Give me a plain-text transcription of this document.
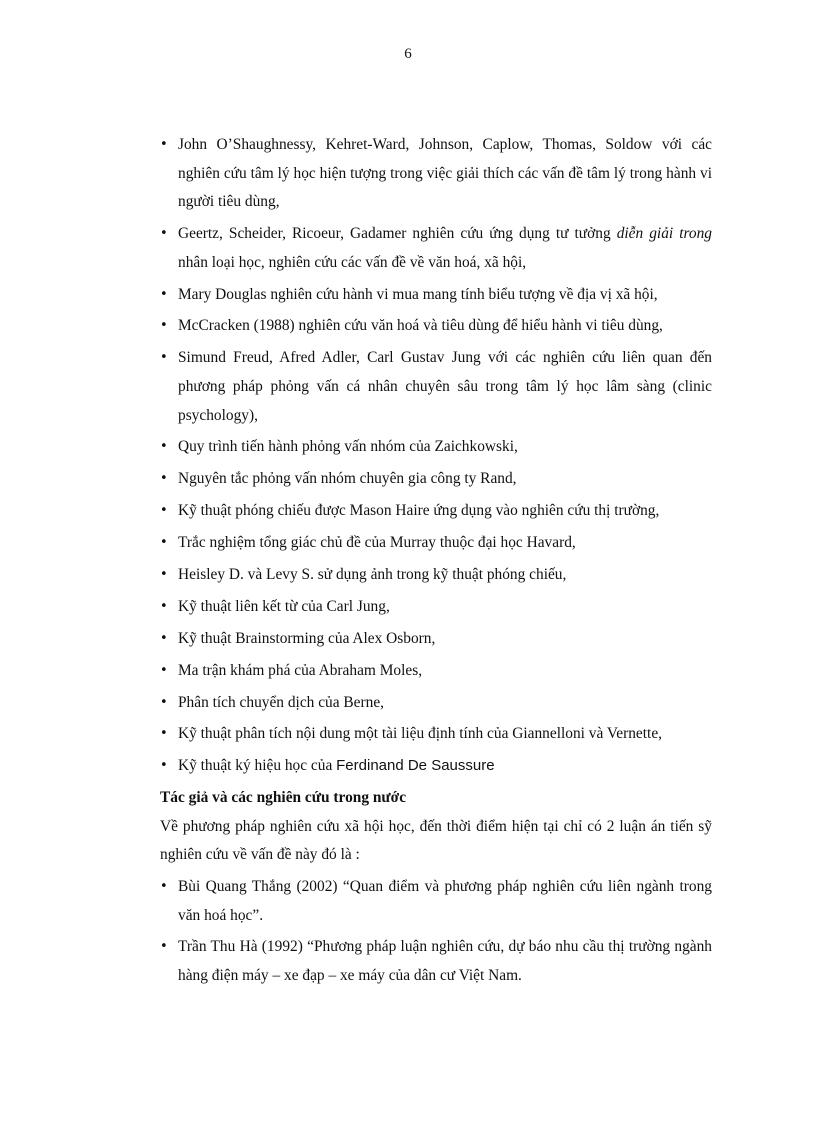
6
• John O’Shaughnessy, Kehret-Ward, Johnson, Caplow, Thomas, Soldow với các nghiên cứu tâm lý học hiện tượng trong việc giải thích các vấn đề tâm lý trong hành vi người tiêu dùng,
• Geertz, Scheider, Ricoeur, Gadamer nghiên cứu ứng dụng tư tưởng diễn giải trong nhân loại học, nghiên cứu các vấn đề về văn hoá, xã hội,
• Mary Douglas nghiên cứu hành vi mua mang tính biểu tượng về địa vị xã hội,
• McCracken (1988) nghiên cứu văn hoá và tiêu dùng để hiểu hành vi tiêu dùng,
• Simund Freud, Afred Adler, Carl Gustav Jung với các nghiên cứu liên quan đến phương pháp phỏng vấn cá nhân chuyên sâu trong tâm lý học lâm sàng (clinic psychology),
• Quy trình tiến hành phỏng vấn nhóm của Zaichkowski,
• Nguyên tắc phỏng vấn nhóm chuyên gia công ty Rand,
• Kỹ thuật phóng chiếu được Mason Haire ứng dụng vào nghiên cứu thị trường,
• Trắc nghiệm tổng giác chủ đề của Murray thuộc đại học Havard,
• Heisley D. và Levy S. sử dụng ảnh trong kỹ thuật phóng chiếu,
• Kỹ thuật liên kết từ của Carl Jung,
• Kỹ thuật Brainstorming của Alex Osborn,
• Ma trận khám phá của Abraham Moles,
• Phân tích chuyển dịch của Berne,
• Kỹ thuật phân tích nội dung một tài liệu định tính của Giannelloni và Vernette,
• Kỹ thuật ký hiệu học của Ferdinand De Saussure
Tác giả và các nghiên cứu trong nước
Về phương pháp nghiên cứu xã hội học, đến thời điểm hiện tại chỉ có 2 luận án tiến sỹ nghiên cứu về vấn đề này đó là :
• Bùi Quang Thắng (2002) “Quan điểm và phương pháp nghiên cứu liên ngành trong văn hoá học”.
• Trần Thu Hà (1992) “Phương pháp luận nghiên cứu, dự báo nhu cầu thị trường ngành hàng điện máy – xe đạp – xe máy của dân cư Việt Nam.
